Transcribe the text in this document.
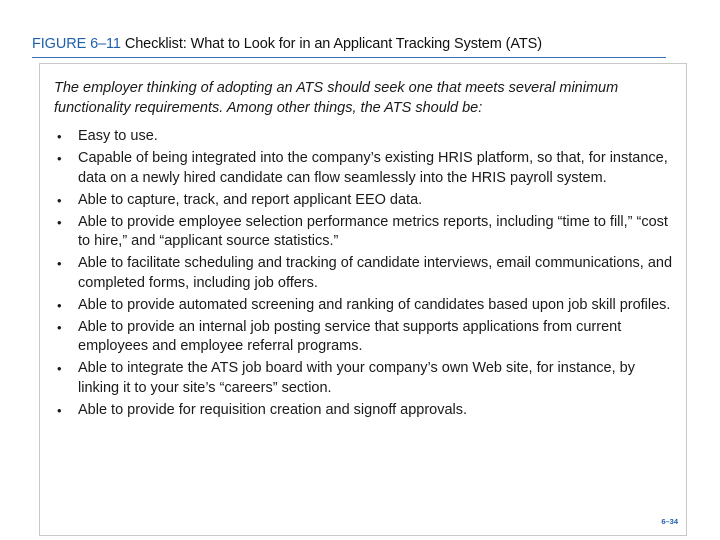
FIGURE 6–11 Checklist: What to Look for in an Applicant Tracking System (ATS)
The employer thinking of adopting an ATS should seek one that meets several minimum functionality requirements. Among other things, the ATS should be:
• Easy to use.
• Capable of being integrated into the company’s existing HRIS platform, so that, for instance, data on a newly hired candidate can flow seamlessly into the HRIS payroll system.
• Able to capture, track, and report applicant EEO data.
• Able to provide employee selection performance metrics reports, including “time to fill,” “cost to hire,” and “applicant source statistics.”
• Able to facilitate scheduling and tracking of candidate interviews, email communications, and completed forms, including job offers.
• Able to provide automated screening and ranking of candidates based upon job skill profiles.
• Able to provide an internal job posting service that supports applications from current employees and employee referral programs.
• Able to integrate the ATS job board with your company’s own Web site, for instance, by linking it to your site’s “careers” section.
• Able to provide for requisition creation and signoff approvals.
6–34
